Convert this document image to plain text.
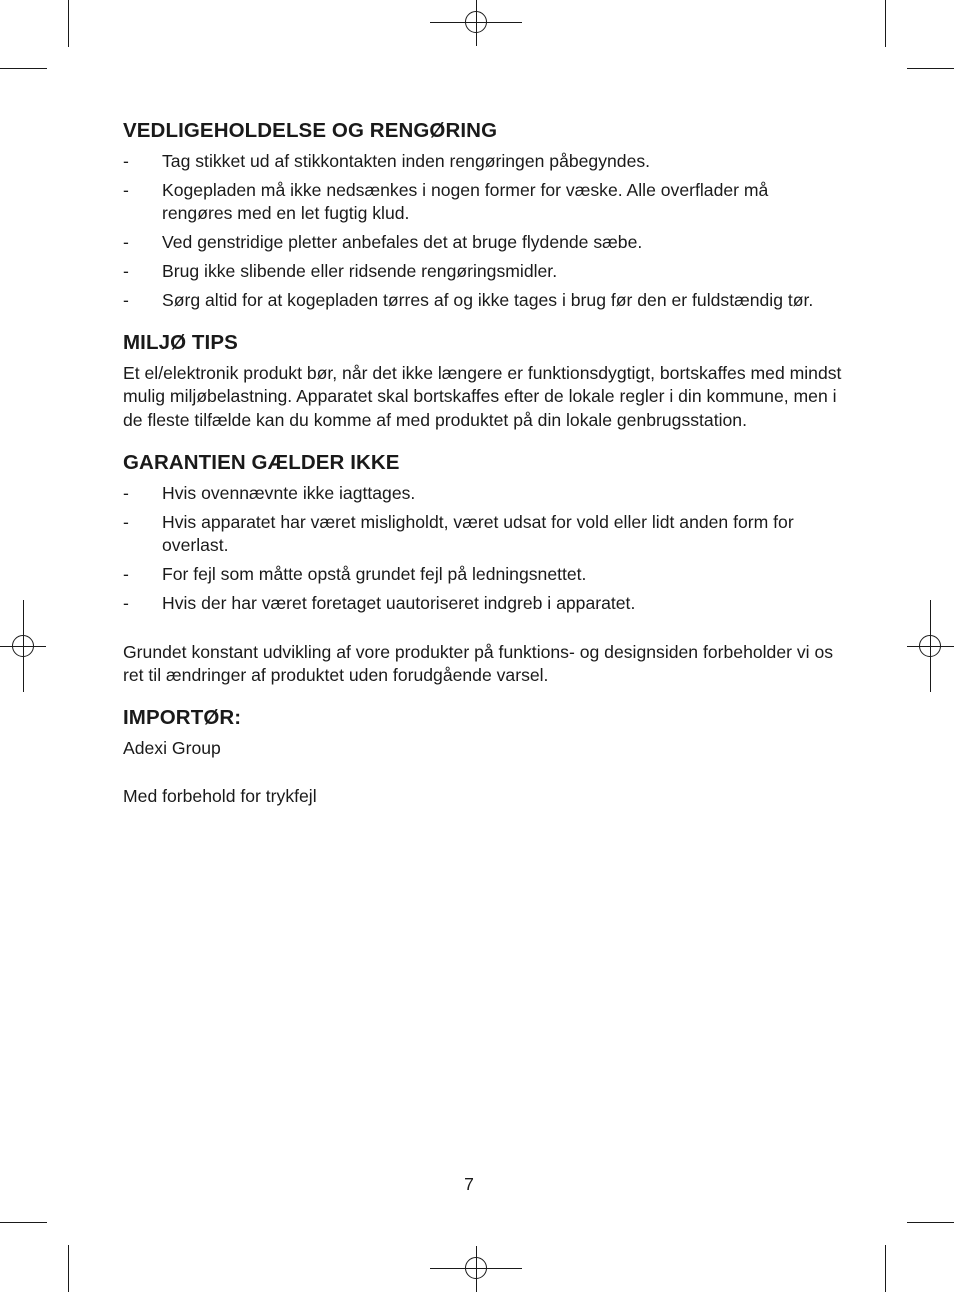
VEDLIGEHOLDELSE OG RENGØRING
- Tag stikket ud af stikkontakten inden rengøringen påbegyndes.
- Kogepladen må ikke nedsænkes i nogen former for væske. Alle overflader må rengøres med en let fugtig klud.
- Ved genstridige pletter anbefales det at bruge flydende sæbe.
- Brug ikke slibende eller ridsende rengøringsmidler.
- Sørg altid for at kogepladen tørres af og ikke tages i brug før den er fuldstændig tør.
MILJØ TIPS

Et el/elektronik produkt bør, når det ikke længere er funktionsdygtigt, bortskaffes med mindst mulig miljøbelastning. Apparatet skal bortskaffes efter de lokale regler i din kommune, men i de fleste tilfælde kan du komme af med produktet på din lokale genbrugsstation.

GARANTIEN GÆLDER IKKE
- Hvis ovennævnte ikke iagttages.
- Hvis apparatet har været misligholdt, været udsat for vold eller lidt anden form for overlast.
- For fejl som måtte opstå grundet fejl på ledningsnettet.
- Hvis der har været foretaget uautoriseret indgreb i apparatet.

Grundet konstant udvikling af vore produkter på funktions- og designsiden forbeholder vi os ret til ændringer af produktet uden forudgående varsel.

IMPORTØR:

Adexi Group

Med forbehold for trykfejl

7
